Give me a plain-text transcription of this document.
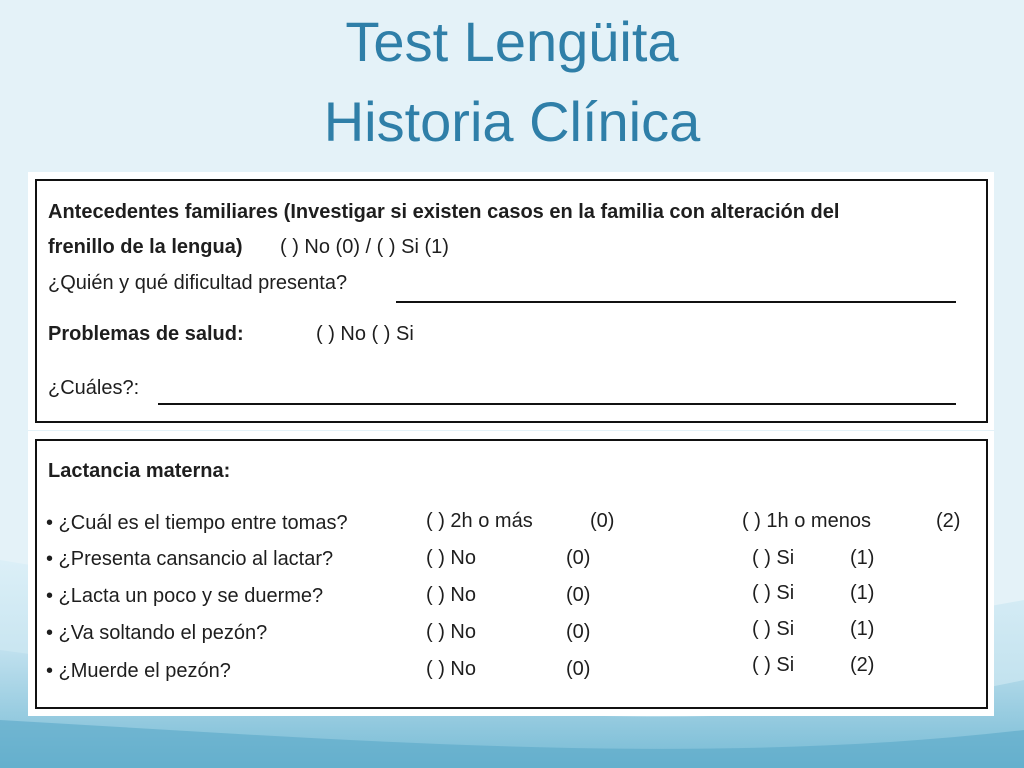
Test Lengüita
Historia Clínica
Antecedentes familiares (Investigar si existen casos en la familia con alteración del
frenillo de la lengua) ( ) No (0) / ( ) Si (1)
¿Quién y qué dificultad presenta?
Problemas de salud:	( ) No ( ) Si
¿Cuáles?:
Lactancia materna:
• ¿Cuál es el tiempo entre tomas?	( ) 2h o más	(0)	( ) 1h o menos	(2)
• ¿Presenta cansancio al lactar?	( ) No	(0)	( ) Si	(1)
• ¿Lacta un poco y se duerme?	( ) No	(0)	( ) Si	(1)
• ¿Va soltando el pezón?	( ) No	(0)	( ) Si	(1)
• ¿Muerde el pezón?	( ) No	(0)	( ) Si	(2)
